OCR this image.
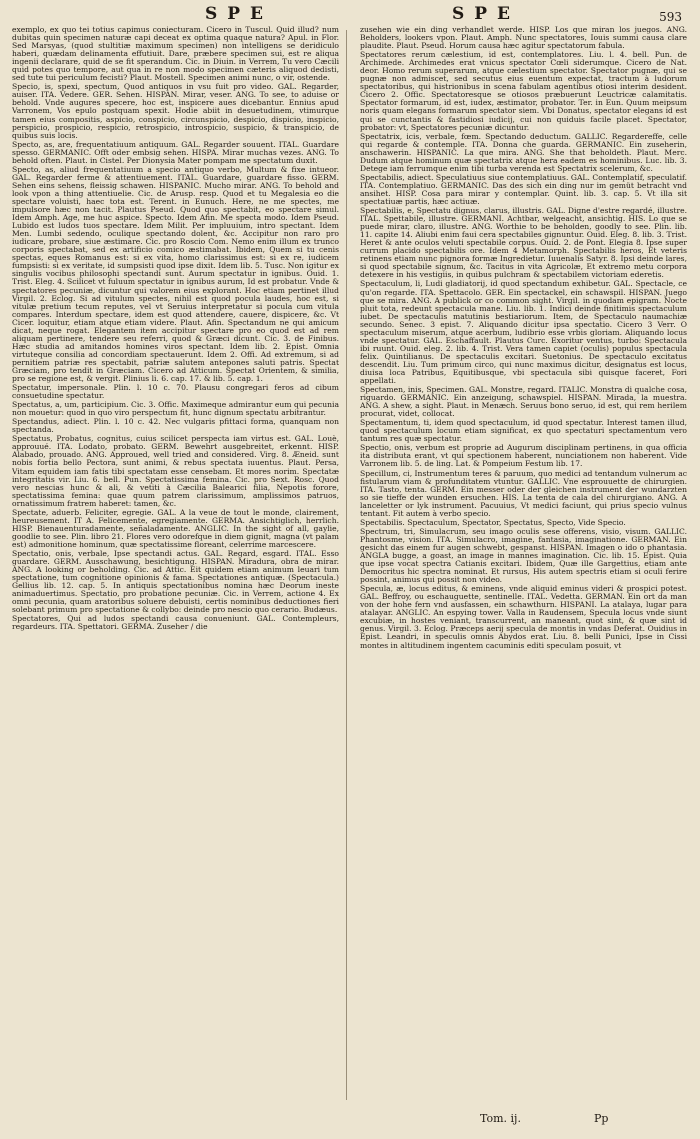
SPE	SPE	593

exemplo, ex quo tei totius capimus coniecturam. Cicero in Tuscul. Quid illud? num dubitas quin specimen naturæ capi deceat ex optima quaque natura? Apul. in Flor. Sed Marsyas, (quod stultitiæ maximum specimen) non intelligens se deridiculo haberi, quædam delinamenta effutiuit. Dare, præbere specimen sui, est re aliqua ingenii declarare, quid de se fit sperandum. Cic. in Diuin. in Verrem, Tu vero Cæcili quid potes quo tempore, aut qua in re non modo specimen cæteris aliquod dedisti, sed tute tui periculum fecisti? Plaut. Mostell. Specimen animi nunc, o vir, ostende.

Specio, is, spexi, spectum, Quod antiquos in vsu fuit pro video. GAL. Regarder, auiser. ITA. Vedere. GER. Sehen. HISPAN. Mirar, veser. ANG. To see, to aduise or behold. Vnde augures specere, hoc est, inspicere aues dicebantur. Ennius apud Varronem, Vos epulo postquam spexit. Hodie abiit in desuetudinem, vtimurque tamen eius compositis, aspicio, conspicio, circunspicio, despicio, dispicio, inspicio, perspicio, prospicio, respicio, retrospicio, introspicio, suspicio, & transpicio, de quibus suis locis.

Specto, as, are, frequentatiuum antiquum. GAL. Regarder souuent. ITAL. Guardare spesso. GERMANIC. Offt oder embsig sehen. HISPA. Mirar muchas vezes. ANG. To behold often. Plaut. in Cistel. Per Dionysia Mater pompam me spectatum duxit.

Specto, as, aliud frequentatiuum a specio antiquo verbo, Multum & fixe intueor. GAL. Regarder ferme & attentiuement. ITAL. Guardare, guardare fisso. GERM. Sehen eins sehens, fleissig schawen. HISPANIC. Mucho mirar. ANG. To behold and look vpon a thing attentiuelie. Cic. de Arusp. resp. Quod et tu Megalesia eo die spectare voluisti, haec tota est. Terent. in Eunuch. Here, ne me spectes, me impulsore hæc non tacit. Plautus Pseud. Quod quo spectabit, eo spectare simul. Idem Amph. Age, me huc aspice. Specto. Idem Afin. Me specta modo. Idem Pseud. Lubido est ludos tuos spectare. Idem Milit. Per impluuium, intro spectant. Idem Men. Lumbi sedendo, oculique spectando dolent, &c. Accipitur non raro pro iudicare, probare, siue æstimare. Cic. pro Roscio Com. Nemo enim illum ex trunco corporis spectabat, sed ex artificio comico æstimabat. Ibidem, Quem si tu cenis spectas, eques Romanus est: si ex vita, homo clarissimus est: si ex re, iudicem fumpsisti: si ex veritate, id sumpsisti quod ipse dixit. Idem lib. 5. Tusc. Non igitur ex singulis vocibus philosophi spectandi sunt. Aurum spectatur in ignibus. Ouid. 1. Trist. Eleg. 4. Scilicet vt fuluum spectatur in ignibus aurum, Id est probatur. Vnde & spectatores pecuniæ, dicuntur qui valorem eius explorant. Hoc etiam pertinet illud Virgil. 2. Eclog. Si ad vitulum spectes, nihil est quod pocula laudes, hoc est, si vitulæ pretium tecum reputes, vel vt Seruius interpretatur si pocula cum vitula compares. Interdum spectare, idem est quod attendere, cauere, dispicere, &c. Vt Cicer. loquitur, etiam atque etiam videre. Plaut. Afin. Spectandum ne qui amicum dicat, neque rogat. Elegantem item accipitur spectare pro eo quod est ad rem aliquam pertinere, tendere seu referri, quod & Græci dicunt. Cic. 3. de Finibus. Hæc studia ad amitandos homines viros spectant. Idem lib. 2. Epist. Omnia virtuteque consilia ad concordiam spectauerunt. Idem 2. Offi. Ad extremum, si ad pernitiem patriæ res spectabit, patriæ salutem antepones saluti patris. Spectat Græciam, pro tendit in Græciam. Cicero ad Atticum. Spectat Orientem, & similia, pro se regione est, & vergit. Plinius li. 6. cap. 17. & lib. 5. cap. 1.

Spectatur, impersonale. Plin. l. 10 c. 70. Plausu congregari feros ad cibum consuetudine spectatur.

Spectatus, a, um, participium. Cic. 3. Offic. Maximeque admirantur eum qui pecunia non mouetur: quod in quo viro perspectum fit, hunc dignum spectatu arbitrantur.

Spectandus, adiect. Plin. l. 10 c. 42. Nec vulgaris pfittaci forma, quanquam non spectanda.

Spectatus, Probatus, cognitus, cuius scilicet perspecta iam virtus est. GAL. Louè, approuué. ITA. Lodato, probato. GERM. Bewehrt ausgebreitet, erkennt. HISP. Alabado, prouado. ANG. Approued, well tried and considered. Virg. 8. Æneid. sunt nobis fortia bello Pectora, sunt animi, & rebus spectata iuuentus. Plaut. Persa, Vitam equidem iam fatis tibi spectatam esse censebam. Et mores norim. Spectatæ integritatis vir. Liu. 6. bell. Pun. Spectatissima femina. Cic. pro Sext. Rosc. Quod vero nescias hunc & ali, & vetiti à Cæcilia Balearici filia, Nepotis forore, spectatissima femina: quae quum patrem clarissimum, amplissimos patruos, ornatissimum fratrem haberet: tamen, &c.

Spectate, aduerb. Feliciter, egregie. GAL. A la veue de tout le monde, clairement, heureusement. IT A. Felicemente, egregiamente. GERMA. Ansichtiglich, herrlich. HISP. Bienauenturadamente, señaladamente. ANGLIC. In the sight of all, gaylie, goodlie to see. Plin. libro 21. Flores vero odorefque in diem gignit, magna (vt palam est) admonitione hominum, quæ spectatissime floreant, celerrime marcescere.

Spectatio, onis, verbale, Ipse spectandi actus. GAL. Regard, esgard. ITAL. Esso guardare. GERM. Ausschawung, besichtigung. HISPAN. Miradura, obra de mirar. ANG. A looking or beholding. Cic. ad Attic. Eit quidem etiam animum leuari tum spectatione, tum cognitione opinionis & fama. Spectationes antiquæ. (Spectacula.) Gellius lib. 12. cap. 5. In antiquis spectationibus nomina hæc Deorum ineste animaduertimus. Spectatio, pro probatione pecuniæ. Cic. in Verrem, actione 4. Ex omni pecunia, quam aratoribus soluere debuisti, certis nominibus deductiones fieri solebant primum pro spectatione & collybo: deinde pro nescio quo cerario. Budæus.

Spectatores, Qui ad ludos spectandi causa conueniunt. GAL. Contempleurs, regardeurs. ITA. Spettatori. GERMA. Zuseher / die

zusehen wie ein ding verhandlet werde. HISP. Los que miran los juegos. ANG. Beholders, lookers vpon. Plaut. Amph. Nunc spectatores, Iouis summi causa clare plaudite. Plaut. Pseud. Horum causa hæc agitur spectatorum fabula.

Spectatores rerum cælestium, id est, contemplatores. Liu. l. 4. bell. Pun. de Archimede. Archimedes erat vnicus spectator Cœli siderumque. Cicero de Nat. deor. Homo rerum superarum, atque cælestium spectator. Spectator pugnæ, qui se pugnæ non admiscet, sed secutus eius euentum expectat, tractum à ludorum spectatoribus, qui histrionibus in scena fabulam agentibus otiosi interim desident. Cicero 2. Offic. Spectatoresque se otiosos præbuerunt Leuctricæ calamitatis. Spectator formarum, id est, iudex, æstimator, probator. Ter. in Eun. Quum meipsum noris quam elegans formarum spectator siem. Vbi Donatus, spectator elegans id est qui se cunctantis & fastidiosi iudicij, cui non quiduis facile placet. Spectator, probator: vt, Spectatores pecuniæ dicuntur.

Spectatrix, icis, verbale, fœm. Spectando deductum. GALLIC. Regardereffe, celle qui regarde & contemple. ITA. Donna che guarda. GERMANIC. Ein zuseherin, anschawerin. HISPANIC. La que mira. ANG. She that beholdeth. Plaut. Merc. Dudum atque hominum quæ spectatrix atque hera eadem es hominibus. Luc. lib. 3. Detege iam ferrumque enim tibi turba verenda est Spectatrix scelerum, &c.

Spectabilis, adiect. Speculatiuus siue contemplatiuus. GAL. Contemplatif, speculatif. ITA. Contemplatiuo. GERMANIC. Das des sich ein ding nur im gemüt betracht vnd ansihet. HISP. Cosa para mirar y contemplar. Quint. lib. 3. cap. 5. Vt illa sit spectatiuæ partis, hæc actiuæ.

Spectabilis, e, Spectatu dignus, clarus, illustris. GAL. Digne d'estre regardé, illustre. ITAL. Spettabile, illustre. GERMANI. Achtbar, welgeacht, ansichtig. HIS. Lo que se puede mirar, claro, illustre. ANG. Worthie to be beholden, goodly to see. Plin. lib. 11. capite 14. Aliubi enim faui cera spectabiles gignuntur. Ouid. Eleg. 8. lib. 3. Trist. Heret & ante oculos veluti spectabile corpus. Ouid. 2. de Pont. Elegia 8. Ipse super currum placido spectabilis ore. Idem 4 Metamorph. Spectabilis heros, Et veteris retinens etiam nunc pignora formæ Ingredietur. Iuuenalis Satyr. 8. Ipsi deinde lares, si quod spectabile signum, &c. Tacitus in vita Agricolæ, Et extremo metu corpora detexere in his vestigiis, in quibus pulchram & spectabilem victoriam ederetis.

Spectaculum, li, Ludi gladiatorij, id quod spectandum exhibetur. GAL. Spectacle, ce qu'on regarde. ITA. Spettacolo. GER. Ein spectackel, ein schawspil. HISPAN. Juego que se mira. ANG. A publick or co common sight. Virgil. in quodam epigram. Nocte pluit tota, redeunt spectacula mane. Liu. lib. 1. Indici deinde finitimis spectaculum iubet. De spectaculis matutinis bestiariorum. Item, de Spectaculo naumachiæ secundo. Senec. 3 epist. 7. Aliquando dicitur ipsa spectatio. Cicero 3 Verr. O spectaculum miserum, atque acerbum, ludibrio esse vrbis gloriam. Aliquando locus vnde spectatur. GAL. Eschaffault. Plautus Curc. Exoritur ventus, turbo: Spectacula ibi ruunt. Ouid. eleg. 2. lib. 4. Trist. Vera tamen capiet (oculis) populus spectacula felix. Quintilianus. De spectaculis excitari. Suetonius. De spectaculo excitatus descendit. Liu. Tum primum circo, qui nunc maximus dicitur, designatus est locus, diuisa loca Patribus, Equitibusque, vbi spectacula sibi quisque faceret, Fori appellati.

Spectamen, inis, Specimen. GAL. Monstre, regard. ITALIC. Monstra di qualche cosa, riguardo. GERMANIC. Ein anzeigung, schawspiel. HISPAN. Mirada, la muestra. ANG. A shew, a sight. Plaut. in Menæch. Seruus bono seruo, id est, qui rem herilem procurat, videt, collocat.

Spectamentum, ti, idem quod spectaculum, id quod spectatur. Interest tamen illud, quod spectaculum locum etiam significat, ex quo spectaturi spectamentum vero tantum res quæ spectatur.

Spectio, onis, verbum est proprie ad Augurum disciplinam pertinens, in qua officia ita distributa erant, vt qui spectionem haberent, nunciationem non haberent. Vide Varronem lib. 5. de ling. Lat. & Pompeium Festum lib. 17.

Specillum, ci, Instrumentum teres & paruum, quo medici ad tentandum vulnerum ac fistularum viam & profunditatem vtuntur. GALLIC. Vne esprouuette de chirurgien. ITA. Tasto, tenta. GERM. Ein messer oder der gleichen instrument der wundarzten so sie tieffe der wunden ersuchen. HIS. La tenta de cala del chirurgiano. ANG. A lanceletter or lyk instrument. Pacuuius, Vt medici faciunt, qui prius specio vulnus tentant. Fit autem à verbo specio.

Spectabilis. Spectaculum, Spectator, Spectatus, Specto, Vide Specio.

Spectrum, tri, Simulacrum, seu imago oculis sese offerens, visio, visum. GALLIC. Phantosme, vision. ITA. Simulacro, imagine, fantasia, imaginatione. GERMAN. Ein gesicht das einem fur augen schwebt, gespanst. HISPAN. Imagen o ido o phantasia. ANGLA bugge, a goast, an image in mannes imagination. Cic. lib. 15. Epist. Quia que ipse vocat spectra Catianis excitari. Ibidem, Quæ ille Gargettius, etiam ante Democritus hic spectra nominat. Et rursus, His autem spectris etiam si oculi ferire possint, animus qui possit non video.

Specula, æ, locus editus, & eminens, vnde aliquid eminus videri & prospici potest. GAL. Beffroy, ou eschauguette, sentinelle. ITAL. Vedetta. GERMAN. Ein ort da man von der hohe fern vnd ausfassen, ein schawthurn. HISPANI. La atalaya, lugar para atalayar. ANGLIC. An espying tower. Valla in Raudensem, Specula locus vnde siunt excubiæ, in hostes veniant, transcurrent, an maneant, quot sint, & quæ sint id genus. Virgil. 3. Eclog. Præceps aerij specula de montis in vndas Deferat. Ouidius in Epist. Leandri, in speculis omnis Abydos erat. Liu. 8. belli Punici, Ipse in Cissi montes in altitudinem ingentem cacuminis editi speculam posuit, vt

Tom. ij.	Pp
